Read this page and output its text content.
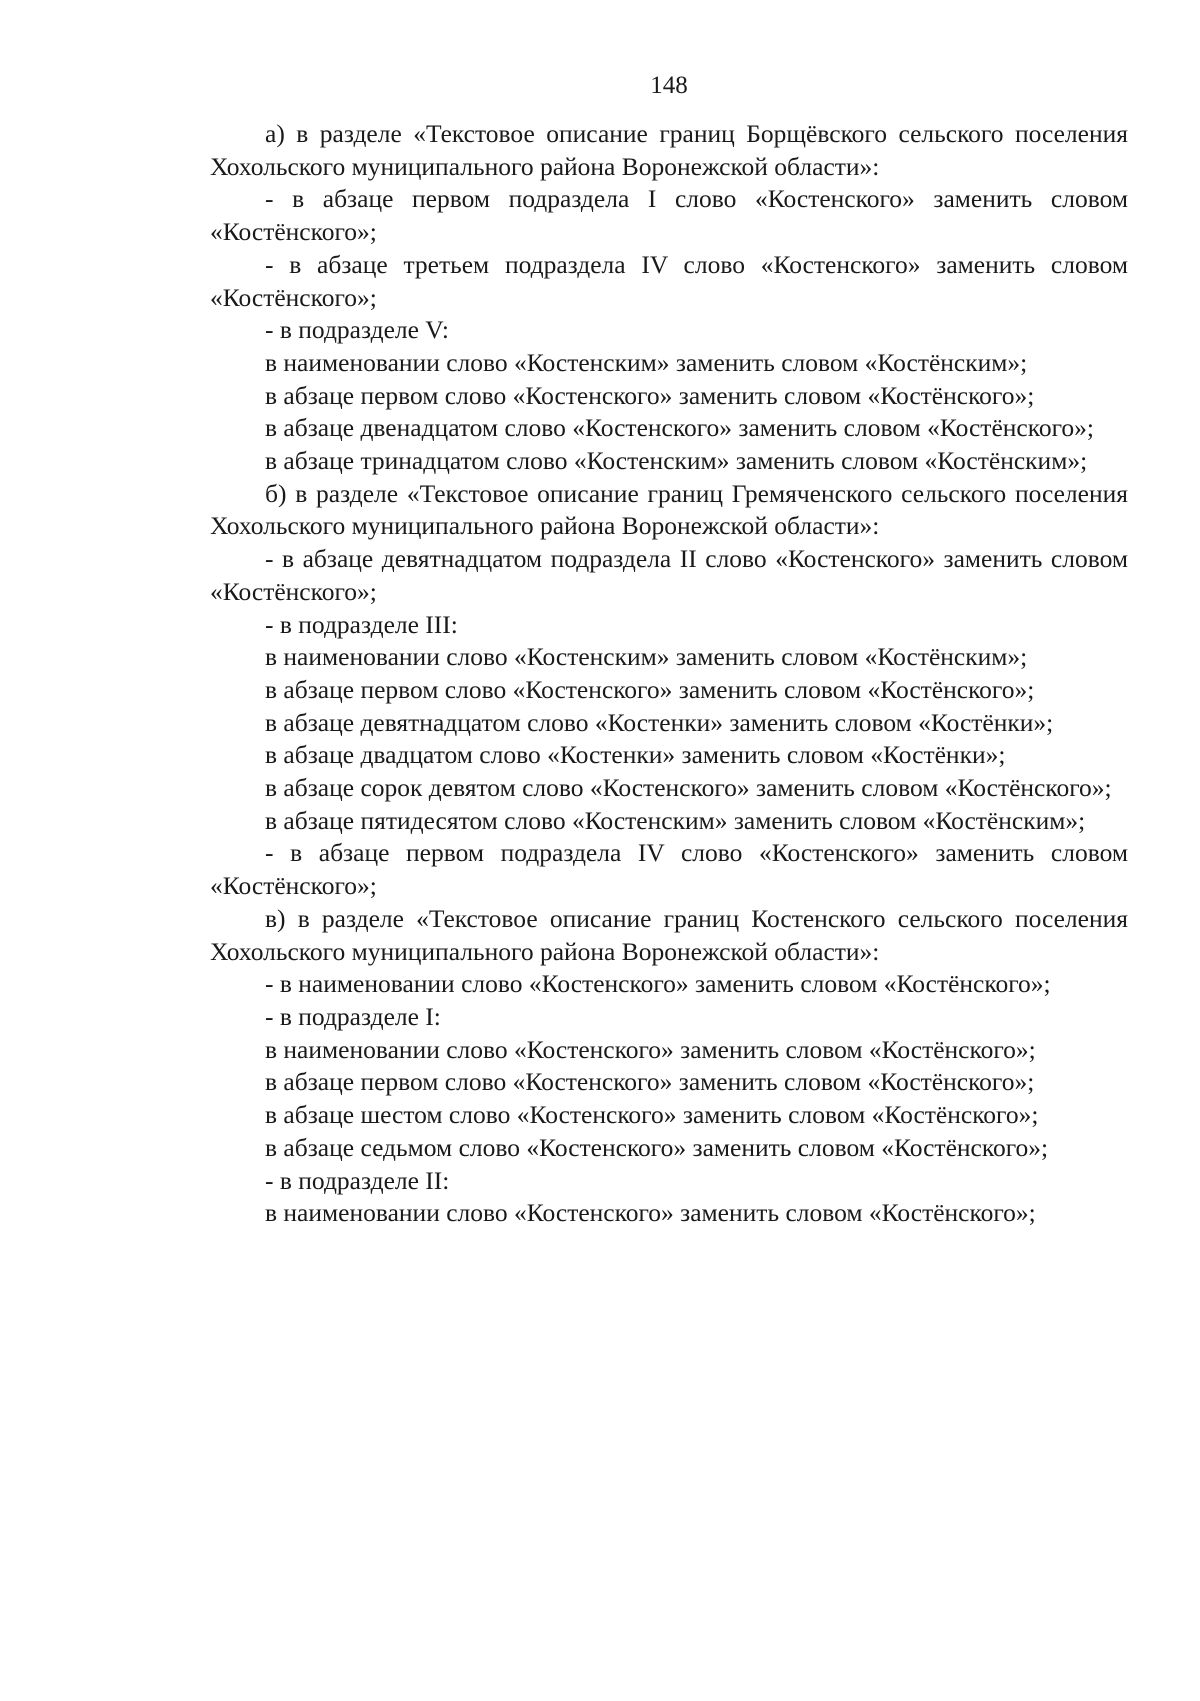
148

а) в разделе «Текстовое описание границ Борщёвского сельского поселения Хохольского муниципального района Воронежской области»:

- в абзаце первом подраздела I слово «Костенского» заменить словом «Костёнского»;

- в абзаце третьем подраздела IV слово «Костенского» заменить словом «Костёнского»;

- в подразделе V:

в наименовании слово «Костенским» заменить словом «Костёнским»;

в абзаце первом слово «Костенского» заменить словом «Костёнского»;

в абзаце двенадцатом слово «Костенского» заменить словом «Костёнского»;

в абзаце тринадцатом слово «Костенским» заменить словом «Костёнским»;

б) в разделе «Текстовое описание границ Гремяченского сельского поселения Хохольского муниципального района Воронежской области»:

- в абзаце девятнадцатом подраздела II слово «Костенского» заменить словом «Костёнского»;

- в подразделе III:

в наименовании слово «Костенским» заменить словом «Костёнским»;

в абзаце первом слово «Костенского» заменить словом «Костёнского»;

в абзаце девятнадцатом слово «Костенки» заменить словом «Костёнки»;

в абзаце двадцатом слово «Костенки» заменить словом «Костёнки»;

в абзаце сорок девятом слово «Костенского» заменить словом «Костёнского»;

в абзаце пятидесятом слово «Костенским» заменить словом «Костёнским»;

- в абзаце первом подраздела IV слово «Костенского» заменить словом «Костёнского»;

в) в разделе «Текстовое описание границ Костенского сельского поселения Хохольского муниципального района Воронежской области»:

- в наименовании слово «Костенского» заменить словом «Костёнского»;

- в подразделе I:

в наименовании слово «Костенского» заменить словом «Костёнского»;

в абзаце первом слово «Костенского» заменить словом «Костёнского»;

в абзаце шестом слово «Костенского» заменить словом «Костёнского»;

в абзаце седьмом слово «Костенского» заменить словом «Костёнского»;

- в подразделе II:

в наименовании слово «Костенского» заменить словом «Костёнского»;
